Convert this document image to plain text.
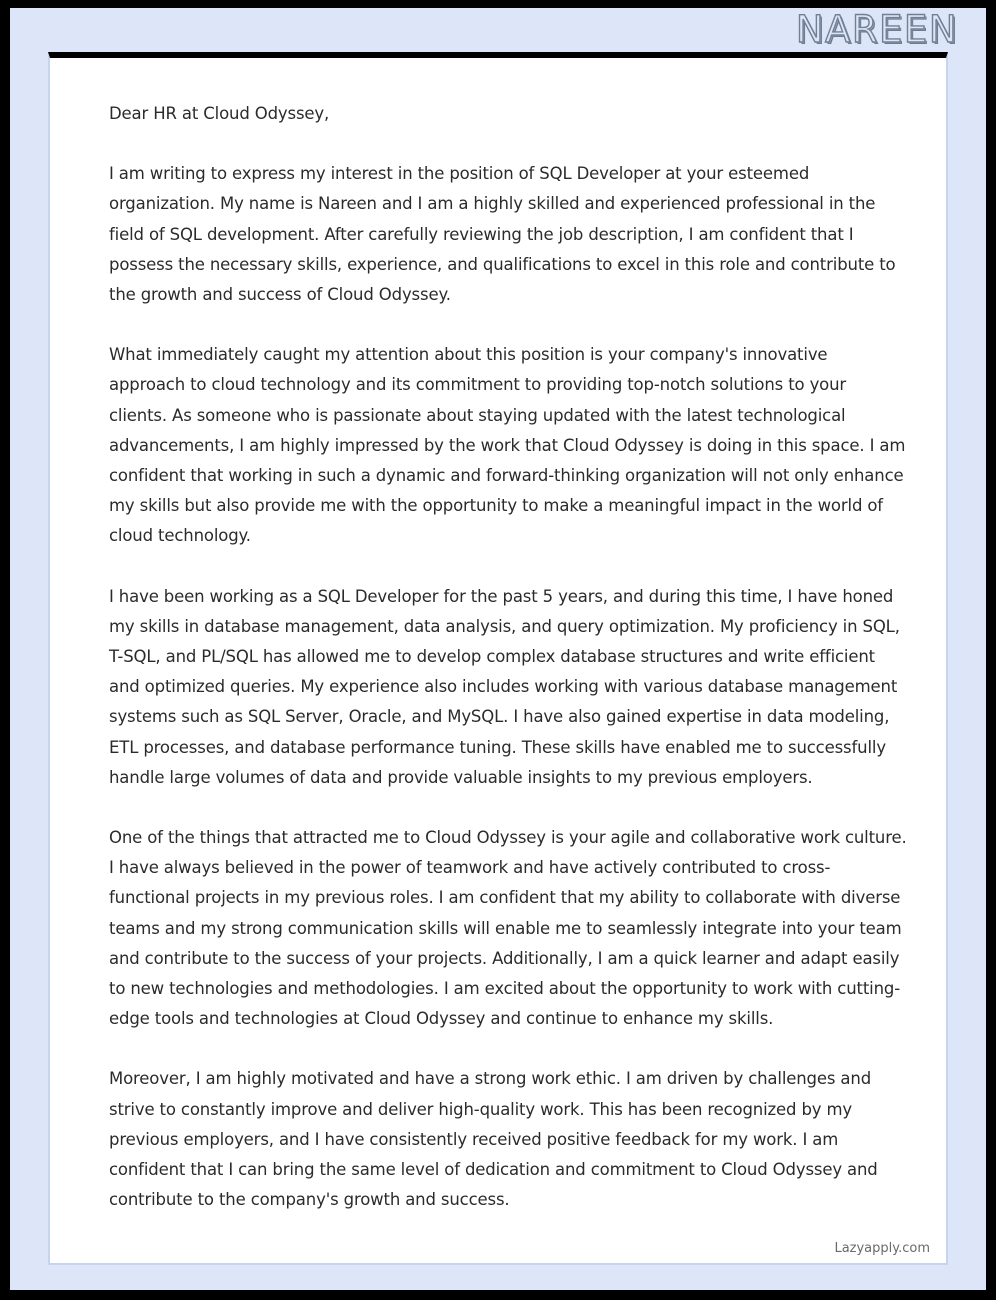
NAREEN

Dear HR at Cloud Odyssey,

I am writing to express my interest in the position of SQL Developer at your esteemed organization. My name is Nareen and I am a highly skilled and experienced professional in the field of SQL development. After carefully reviewing the job description, I am confident that I possess the necessary skills, experience, and qualifications to excel in this role and contribute to the growth and success of Cloud Odyssey.

What immediately caught my attention about this position is your company's innovative approach to cloud technology and its commitment to providing top-notch solutions to your clients. As someone who is passionate about staying updated with the latest technological advancements, I am highly impressed by the work that Cloud Odyssey is doing in this space. I am confident that working in such a dynamic and forward-thinking organization will not only enhance my skills but also provide me with the opportunity to make a meaningful impact in the world of cloud technology.

I have been working as a SQL Developer for the past 5 years, and during this time, I have honed my skills in database management, data analysis, and query optimization. My proficiency in SQL, T-SQL, and PL/SQL has allowed me to develop complex database structures and write efficient and optimized queries. My experience also includes working with various database management systems such as SQL Server, Oracle, and MySQL. I have also gained expertise in data modeling, ETL processes, and database performance tuning. These skills have enabled me to successfully handle large volumes of data and provide valuable insights to my previous employers.

One of the things that attracted me to Cloud Odyssey is your agile and collaborative work culture. I have always believed in the power of teamwork and have actively contributed to cross-functional projects in my previous roles. I am confident that my ability to collaborate with diverse teams and my strong communication skills will enable me to seamlessly integrate into your team and contribute to the success of your projects. Additionally, I am a quick learner and adapt easily to new technologies and methodologies. I am excited about the opportunity to work with cutting-edge tools and technologies at Cloud Odyssey and continue to enhance my skills.

Moreover, I am highly motivated and have a strong work ethic. I am driven by challenges and strive to constantly improve and deliver high-quality work. This has been recognized by my previous employers, and I have consistently received positive feedback for my work. I am confident that I can bring the same level of dedication and commitment to Cloud Odyssey and contribute to the company's growth and success.

Lazyapply.com
